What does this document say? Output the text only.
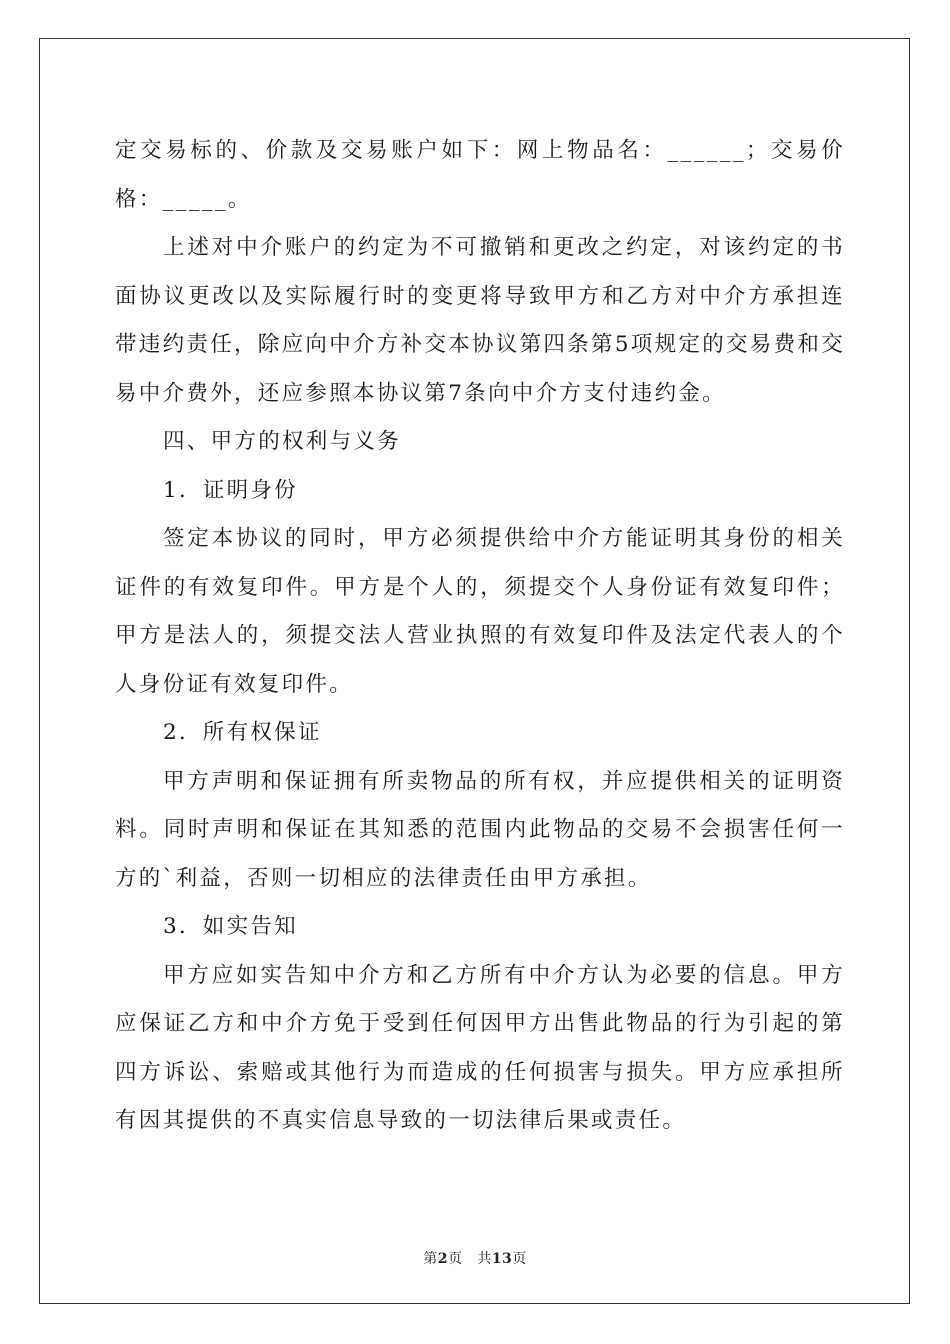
定交易标的、价款及交易账户如下：网上物品名：______；交易价格：_____。

上述对中介账户的约定为不可撤销和更改之约定，对该约定的书面协议更改以及实际履行时的变更将导致甲方和乙方对中介方承担连带违约责任，除应向中介方补交本协议第四条第5项规定的交易费和交易中介费外，还应参照本协议第7条向中介方支付违约金。

四、甲方的权利与义务

1．证明身份

签定本协议的同时，甲方必须提供给中介方能证明其身份的相关证件的有效复印件。甲方是个人的，须提交个人身份证有效复印件；甲方是法人的，须提交法人营业执照的有效复印件及法定代表人的个人身份证有效复印件。

2．所有权保证

甲方声明和保证拥有所卖物品的所有权，并应提供相关的证明资料。同时声明和保证在其知悉的范围内此物品的交易不会损害任何一方的`利益，否则一切相应的法律责任由甲方承担。

3．如实告知

甲方应如实告知中介方和乙方所有中介方认为必要的信息。甲方应保证乙方和中介方免于受到任何因甲方出售此物品的行为引起的第四方诉讼、索赔或其他行为而造成的任何损害与损失。甲方应承担所有因其提供的不真实信息导致的一切法律后果或责任。

第2页 共13页
